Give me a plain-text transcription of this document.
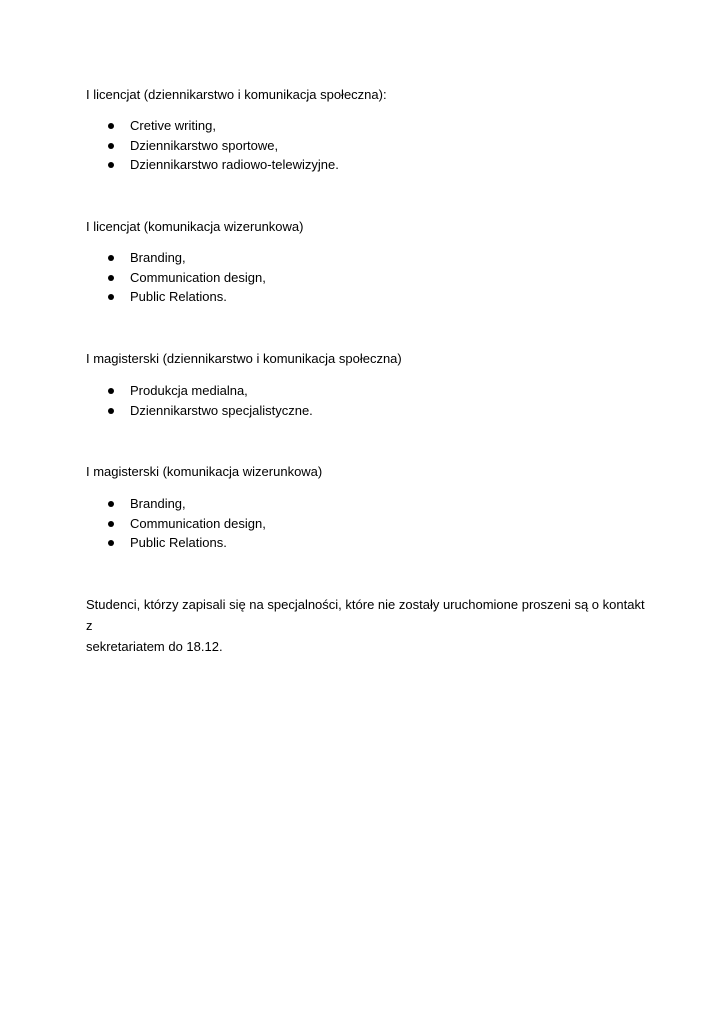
I licencjat (dziennikarstwo i komunikacja społeczna):

Cretive writing,
Dziennikarstwo sportowe,
Dziennikarstwo radiowo-telewizyjne.

I licencjat (komunikacja wizerunkowa)

Branding,
Communication design,
Public Relations.

I magisterski (dziennikarstwo i komunikacja społeczna)

Produkcja medialna,
Dziennikarstwo specjalistyczne.

I magisterski (komunikacja wizerunkowa)

Branding,
Communication design,
Public Relations.

Studenci, którzy zapisali się na specjalności, które nie zostały uruchomione proszeni są o kontakt z
sekretariatem do 18.12.
